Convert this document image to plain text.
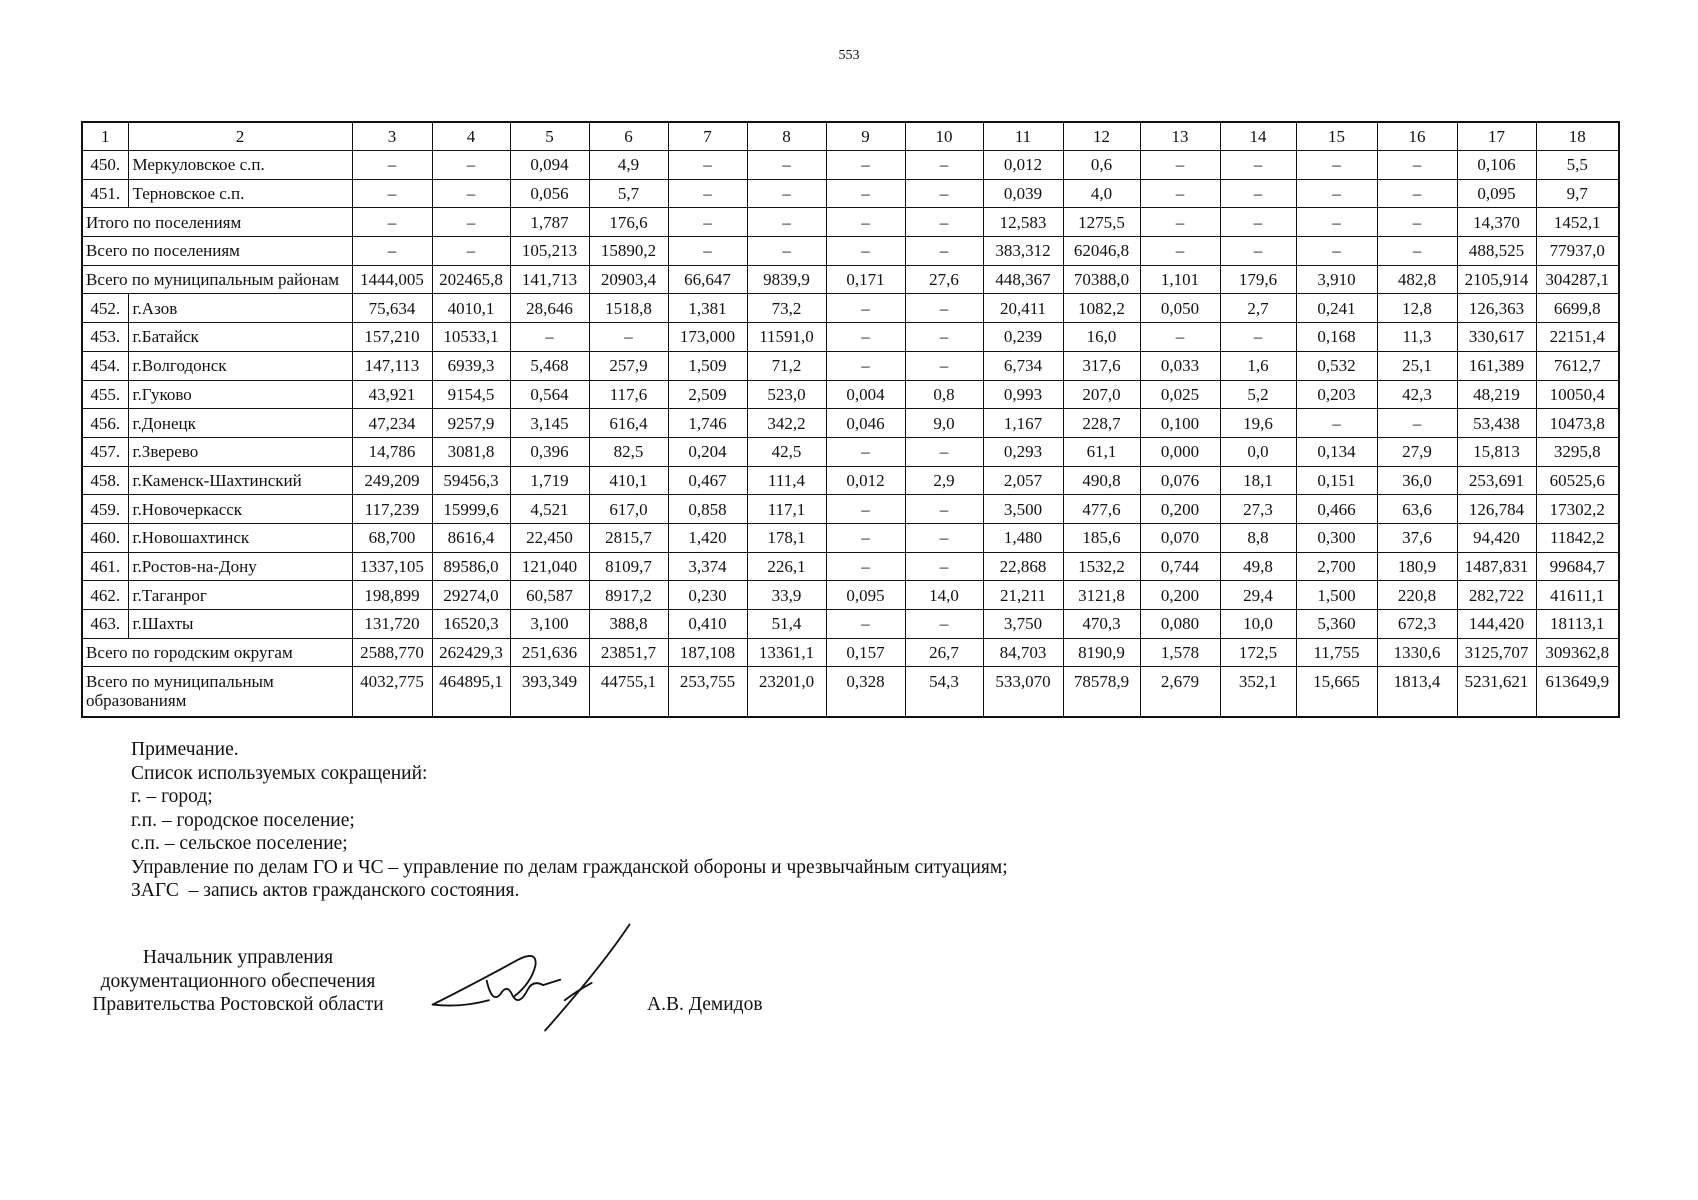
553
1	2	3	4	5	6	7	8	9	10	11	12	13	14	15	16	17	18
450.	Меркуловское с.п.	–	–	0,094	4,9	–	–	–	–	0,012	0,6	–	–	–	–	0,106	5,5
451.	Терновское с.п.	–	–	0,056	5,7	–	–	–	–	0,039	4,0	–	–	–	–	0,095	9,7
Итого по поселениям		–	–	1,787	176,6	–	–	–	–	12,583	1275,5	–	–	–	–	14,370	1452,1
Всего по поселениям		–	–	105,213	15890,2	–	–	–	–	383,312	62046,8	–	–	–	–	488,525	77937,0
Всего по муниципальным районам		1444,005	202465,8	141,713	20903,4	66,647	9839,9	0,171	27,6	448,367	70388,0	1,101	179,6	3,910	482,8	2105,914	304287,1
452.	г.Азов	75,634	4010,1	28,646	1518,8	1,381	73,2	–	–	20,411	1082,2	0,050	2,7	0,241	12,8	126,363	6699,8
453.	г.Батайск	157,210	10533,1	–	–	173,000	11591,0	–	–	0,239	16,0	–	–	0,168	11,3	330,617	22151,4
454.	г.Волгодонск	147,113	6939,3	5,468	257,9	1,509	71,2	–	–	6,734	317,6	0,033	1,6	0,532	25,1	161,389	7612,7
455.	г.Гуково	43,921	9154,5	0,564	117,6	2,509	523,0	0,004	0,8	0,993	207,0	0,025	5,2	0,203	42,3	48,219	10050,4
456.	г.Донецк	47,234	9257,9	3,145	616,4	1,746	342,2	0,046	9,0	1,167	228,7	0,100	19,6	–	–	53,438	10473,8
457.	г.Зверево	14,786	3081,8	0,396	82,5	0,204	42,5	–	–	0,293	61,1	0,000	0,0	0,134	27,9	15,813	3295,8
458.	г.Каменск-Шахтинский	249,209	59456,3	1,719	410,1	0,467	111,4	0,012	2,9	2,057	490,8	0,076	18,1	0,151	36,0	253,691	60525,6
459.	г.Новочеркасск	117,239	15999,6	4,521	617,0	0,858	117,1	–	–	3,500	477,6	0,200	27,3	0,466	63,6	126,784	17302,2
460.	г.Новошахтинск	68,700	8616,4	22,450	2815,7	1,420	178,1	–	–	1,480	185,6	0,070	8,8	0,300	37,6	94,420	11842,2
461.	г.Ростов-на-Дону	1337,105	89586,0	121,040	8109,7	3,374	226,1	–	–	22,868	1532,2	0,744	49,8	2,700	180,9	1487,831	99684,7
462.	г.Таганрог	198,899	29274,0	60,587	8917,2	0,230	33,9	0,095	14,0	21,211	3121,8	0,200	29,4	1,500	220,8	282,722	41611,1
463.	г.Шахты	131,720	16520,3	3,100	388,8	0,410	51,4	–	–	3,750	470,3	0,080	10,0	5,360	672,3	144,420	18113,1
Всего по городским округам		2588,770	262429,3	251,636	23851,7	187,108	13361,1	0,157	26,7	84,703	8190,9	1,578	172,5	11,755	1330,6	3125,707	309362,8

Всего по муниципальным образованиям		4032,775	464895,1	393,349	44755,1	253,755	23201,0	0,328	54,3	533,070	78578,9	2,679	352,1	15,665	1813,4	5231,621	613649,9
Примечание.
Список используемых сокращений:
г. – город;
г.п. – городское поселение;
с.п. – сельское поселение;
Управление по делам ГО и ЧС – управление по делам гражданской обороны и чрезвычайным ситуациям;
ЗАГС  – запись актов гражданского состояния.
Начальник управления
документационного обеспечения
Правительства Ростовской области	А.В. Демидов
